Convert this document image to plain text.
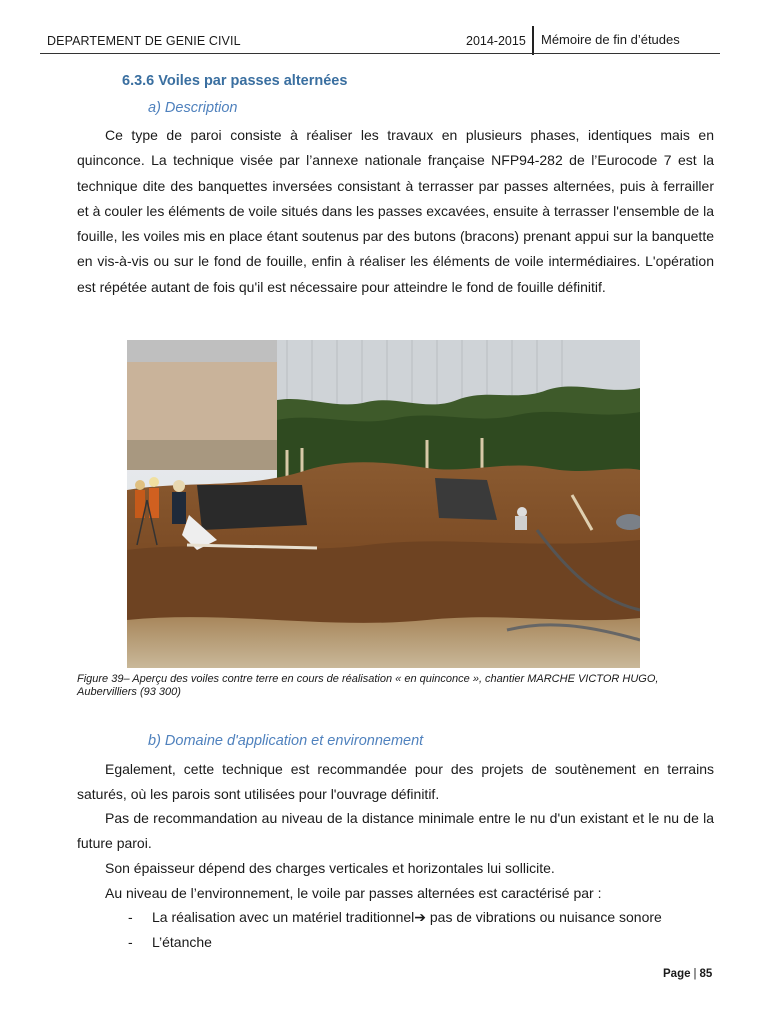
DEPARTEMENT DE GENIE CIVIL	2014-2015 Mémoire de fin d’études
6.3.6 Voiles par passes alternées
a) Description

Ce type de paroi consiste à réaliser les travaux en plusieurs phases, identiques mais en quinconce. La technique visée par l’annexe nationale française NFP94-282 de l’Eurocode 7 est la technique dite des banquettes inversées consistant à terrasser par passes alternées, puis à ferrailler et à couler les éléments de voile situés dans les passes excavées, ensuite à terrasser l'ensemble de la fouille, les voiles mis en place étant soutenus par des butons (bracons) prenant appui sur la banquette en vis-à-vis ou sur le fond de fouille, enfin à réaliser les éléments de voile intermédiaires. L'opération est répétée autant de fois qu'il est nécessaire pour atteindre le fond de fouille définitif.

Figure 39– Aperçu des voiles contre terre en cours de réalisation « en quinconce », chantier MARCHE VICTOR HUGO, Aubervilliers (93 300)
b) Domaine d'application et environnement

Egalement, cette technique est recommandée pour des projets de soutènement en terrains saturés, où les parois sont utilisées pour l'ouvrage définitif.

Pas de recommandation au niveau de la distance minimale entre le nu d'un existant et le nu de la future paroi.

Son épaisseur dépend des charges verticales et horizontales lui sollicite.

Au niveau de l’environnement, le voile par passes alternées est caractérisé par :

- La réalisation avec un matériel traditionnel➔ pas de vibrations ou nuisance sonore
- L’étanche
Page | 85
